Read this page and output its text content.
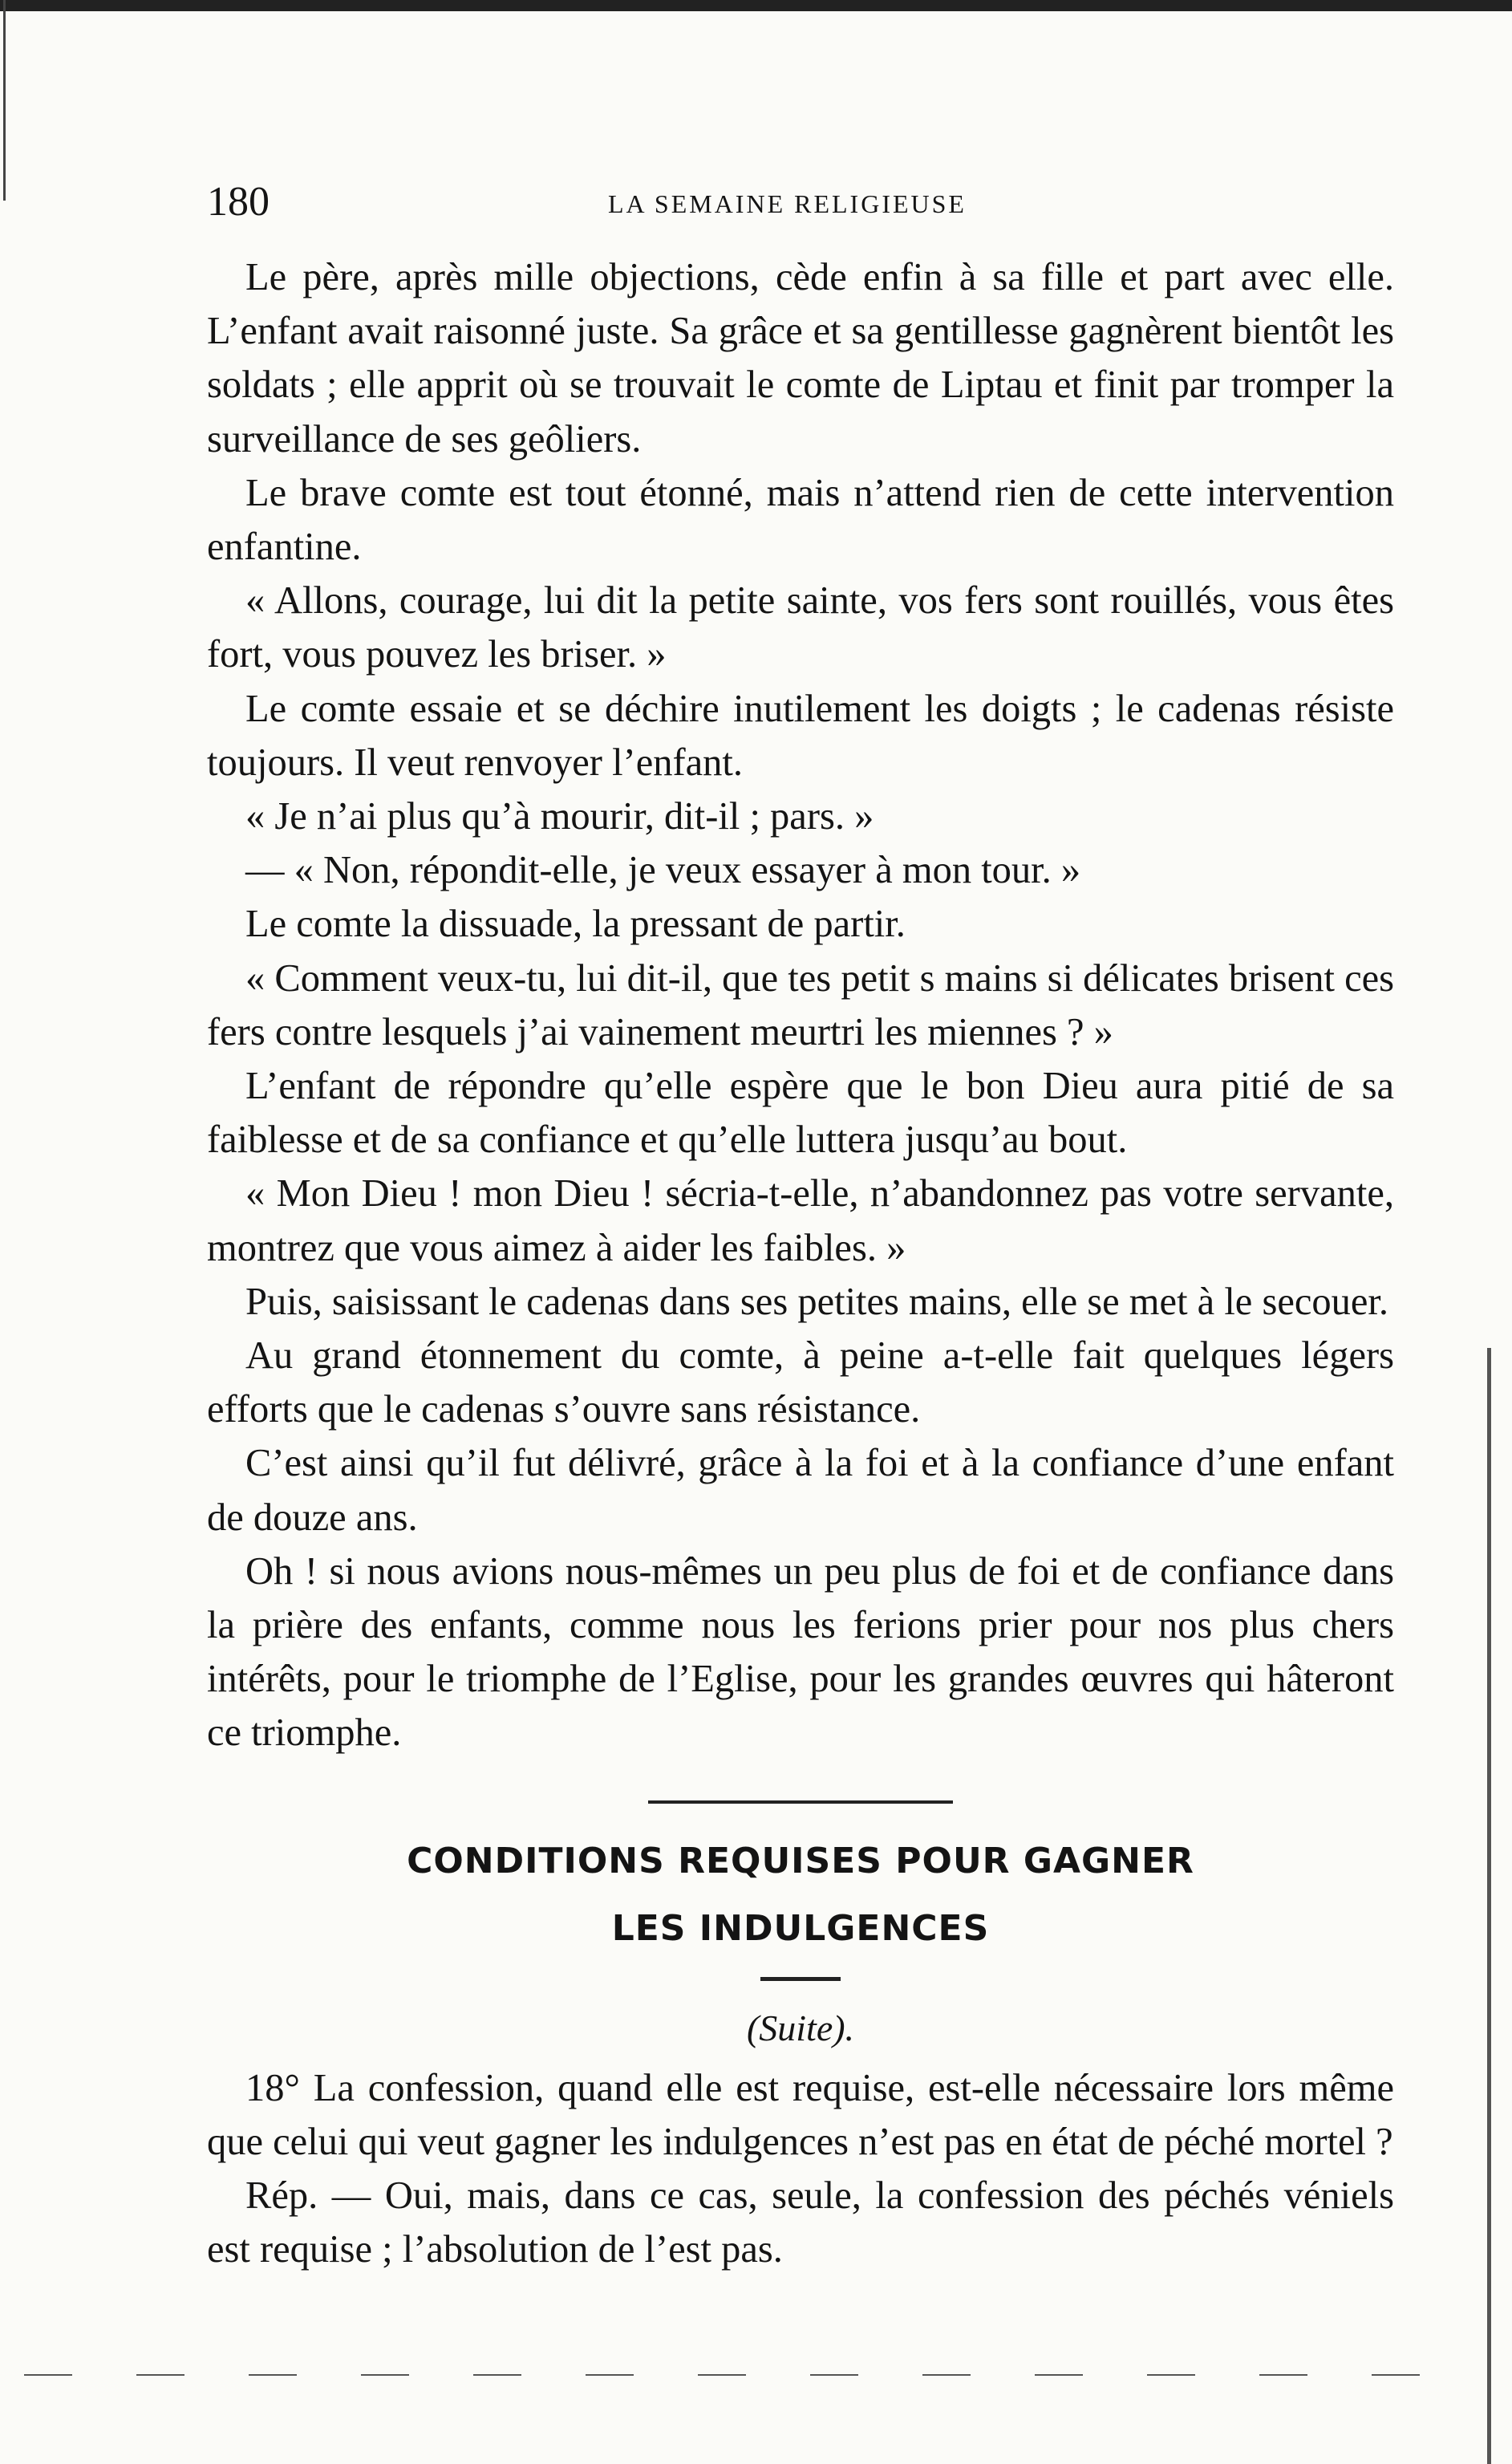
180	LA SEMAINE RELIGIEUSE

Le père, après mille objections, cède enfin à sa fille et part avec elle. L’enfant avait raisonné juste. Sa grâce et sa gentillesse gagnèrent bientôt les soldats ; elle apprit où se trouvait le comte de Liptau et finit par tromper la surveillance de ses geôliers.

Le brave comte est tout étonné, mais n’attend rien de cette intervention enfantine.

« Allons, courage, lui dit la petite sainte, vos fers sont rouillés, vous êtes fort, vous pouvez les briser. »

Le comte essaie et se déchire inutilement les doigts ; le cadenas résiste toujours. Il veut renvoyer l’enfant.

« Je n’ai plus qu’à mourir, dit-il ; pars. »

— « Non, répondit-elle, je veux essayer à mon tour. »

Le comte la dissuade, la pressant de partir.

« Comment veux-tu, lui dit-il, que tes petit s mains si délicates brisent ces fers contre lesquels j’ai vainement meurtri les miennes ? »

L’enfant de répondre qu’elle espère que le bon Dieu aura pitié de sa faiblesse et de sa confiance et qu’elle luttera jusqu’au bout.

« Mon Dieu ! mon Dieu ! sécria-t-elle, n’abandonnez pas votre servante, montrez que vous aimez à aider les faibles. »

Puis, saisissant le cadenas dans ses petites mains, elle se met à le secouer.

Au grand étonnement du comte, à peine a-t-elle fait quelques légers efforts que le cadenas s’ouvre sans résistance.

C’est ainsi qu’il fut délivré, grâce à la foi et à la confiance d’une enfant de douze ans.

Oh ! si nous avions nous-mêmes un peu plus de foi et de confiance dans la prière des enfants, comme nous les ferions prier pour nos plus chers intérêts, pour le triomphe de l’Eglise, pour les grandes œuvres qui hâteront ce triomphe.

CONDITIONS REQUISES POUR GAGNER
LES INDULGENCES
(Suite).

18° La confession, quand elle est requise, est-elle nécessaire lors même que celui qui veut gagner les indulgences n’est pas en état de péché mortel ?

Rép. — Oui, mais, dans ce cas, seule, la confession des péchés véniels est requise ; l’absolution de l’est pas.
